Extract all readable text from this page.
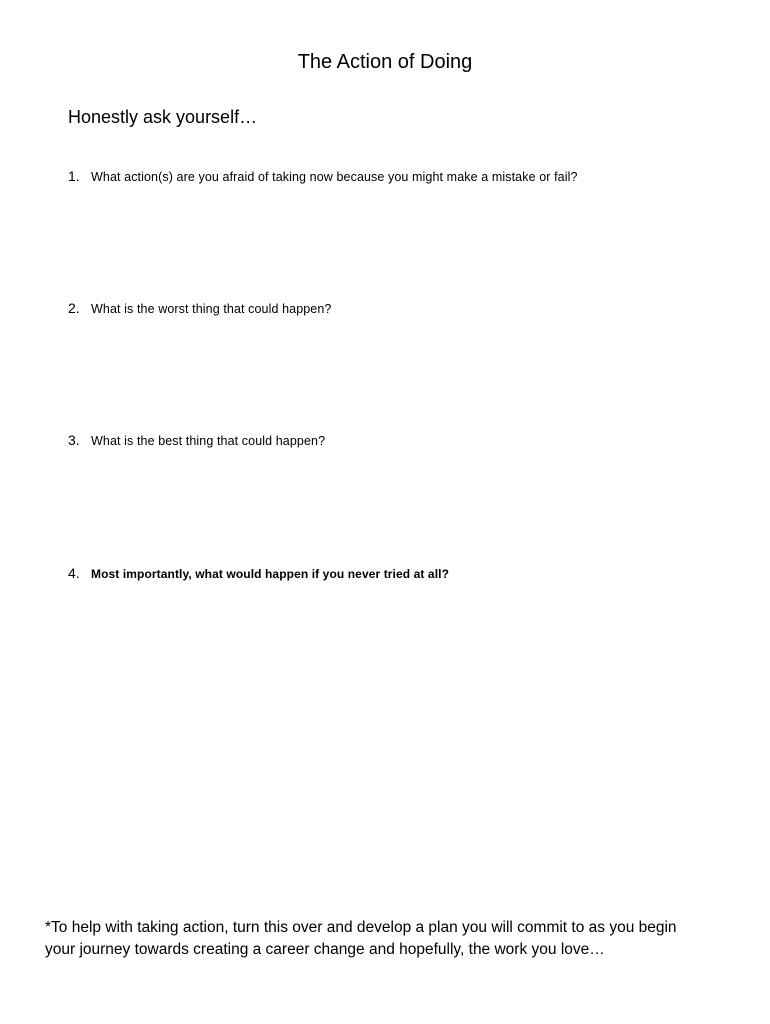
The Action of Doing
Honestly ask yourself…
1. What action(s) are you afraid of taking now because you might make a mistake or fail?
2. What is the worst thing that could happen?
3. What is the best thing that could happen?
4. Most importantly, what would happen if you never tried at all?
*To help with taking action, turn this over and develop a plan you will commit to as you begin
your journey towards creating a career change and hopefully, the work you love…
